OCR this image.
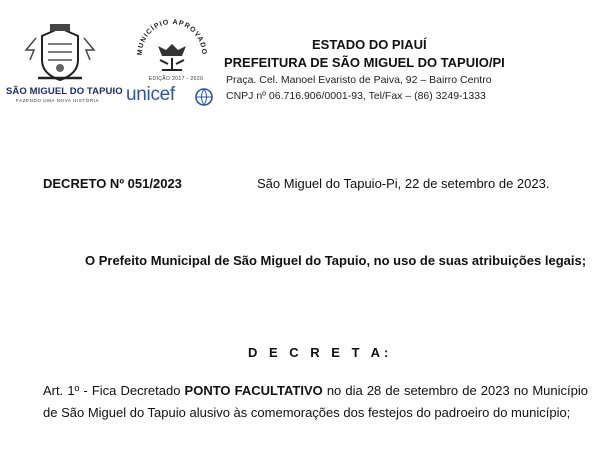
SÃO MIGUEL DO TAPUIO
FAZENDO UMA NOVA HISTÓRIA
MUNICÍPIO APROVADO
EDIÇÃO 2017 - 2020
unicef
ESTADO DO PIAUÍ
PREFEITURA DE SÃO MIGUEL DO TAPUIO/PI
Praça. Cel. Manoel Evaristo de Paiva, 92 – Bairro Centro
CNPJ nº 06.716.906/0001-93, Tel/Fax – (86) 3249-1333
DECRETO Nº 051/2023	São Miguel do Tapuio-Pi, 22 de setembro de 2023.
O Prefeito Municipal de São Miguel do Tapuio, no uso de suas atribuições legais;
D E C R E T A:
Art. 1º - Fica Decretado PONTO FACULTATIVO no dia 28 de setembro de 2023 no Município de São Miguel do Tapuio alusivo às comemorações dos festejos do padroeiro do município;
